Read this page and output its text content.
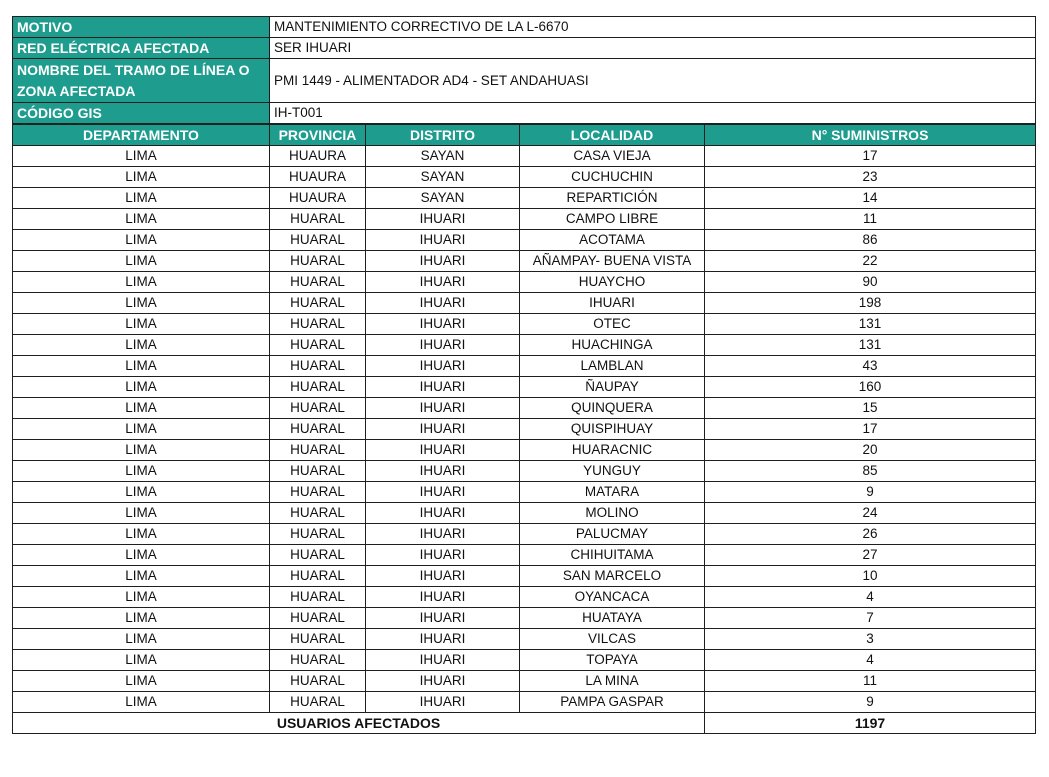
MOTIVO	MANTENIMIENTO CORRECTIVO DE LA L-6670
RED ELÉCTRICA AFECTADA	SER IHUARI
NOMBRE DEL TRAMO DE LÍNEA O ZONA AFECTADA	PMI 1449 - ALIMENTADOR AD4 - SET ANDAHUASI
CÓDIGO GIS	IH-T001
DEPARTAMENTO	PROVINCIA	DISTRITO	LOCALIDAD	N° SUMINISTROS
LIMA	HUAURA	SAYAN	CASA VIEJA	17
LIMA	HUAURA	SAYAN	CUCHUCHIN	23
LIMA	HUAURA	SAYAN	REPARTICIÓN	14
LIMA	HUARAL	IHUARI	CAMPO LIBRE	11
LIMA	HUARAL	IHUARI	ACOTAMA	86
LIMA	HUARAL	IHUARI	AÑAMPAY- BUENA VISTA	22
LIMA	HUARAL	IHUARI	HUAYCHO	90
LIMA	HUARAL	IHUARI	IHUARI	198
LIMA	HUARAL	IHUARI	OTEC	131
LIMA	HUARAL	IHUARI	HUACHINGA	131
LIMA	HUARAL	IHUARI	LAMBLAN	43
LIMA	HUARAL	IHUARI	ÑAUPAY	160
LIMA	HUARAL	IHUARI	QUINQUERA	15
LIMA	HUARAL	IHUARI	QUISPIHUAY	17
LIMA	HUARAL	IHUARI	HUARACNIC	20
LIMA	HUARAL	IHUARI	YUNGUY	85
LIMA	HUARAL	IHUARI	MATARA	9
LIMA	HUARAL	IHUARI	MOLINO	24
LIMA	HUARAL	IHUARI	PALUCMAY	26
LIMA	HUARAL	IHUARI	CHIHUITAMA	27
LIMA	HUARAL	IHUARI	SAN MARCELO	10
LIMA	HUARAL	IHUARI	OYANCACA	4
LIMA	HUARAL	IHUARI	HUATAYA	7
LIMA	HUARAL	IHUARI	VILCAS	3
LIMA	HUARAL	IHUARI	TOPAYA	4
LIMA	HUARAL	IHUARI	LA MINA	11
LIMA	HUARAL	IHUARI	PAMPA GASPAR	9
USUARIOS AFECTADOS				1197
